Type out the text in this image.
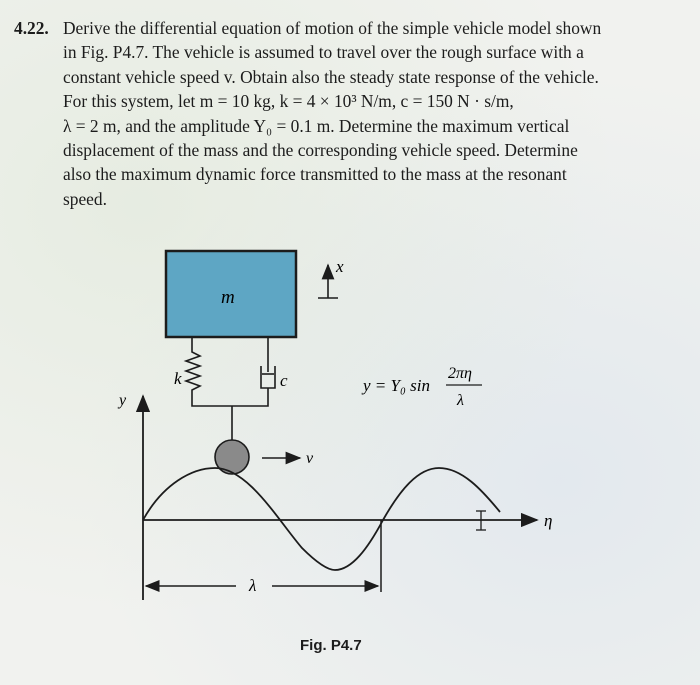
4.22. Derive the differential equation of motion of the simple vehicle model shown
in Fig. P4.7. The vehicle is assumed to travel over the rough surface with a
constant vehicle speed v. Obtain also the steady state response of the vehicle.
For this system, let m = 10 kg, k = 4 × 10³ N/m, c = 150 N · s/m,
λ = 2 m, and the amplitude Y₀ = 0.1 m. Determine the maximum vertical
displacement of the mass and the corresponding vehicle speed. Determine
also the maximum dynamic force transmitted to the mass at the resonant
speed.
m
x
k	c
v
y
η
λ
y = Y₀ sin
2πη
λ
Fig. P4.7
